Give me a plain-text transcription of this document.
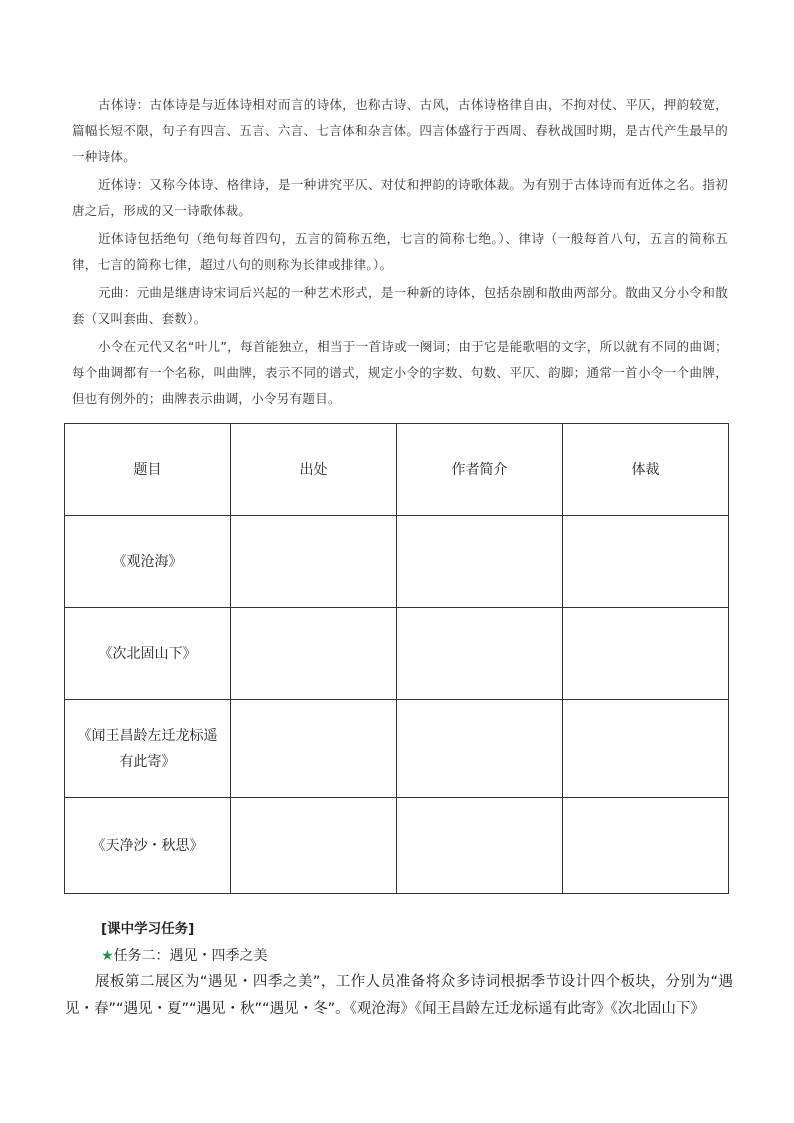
古体诗：古体诗是与近体诗相对而言的诗体，也称古诗、古风，古体诗格律自由，不拘对仗、平仄，押韵较宽，篇幅长短不限，句子有四言、五言、六言、七言体和杂言体。四言体盛行于西周、春秋战国时期，是古代产生最早的一种诗体。

近体诗：又称今体诗、格律诗，是一种讲究平仄、对仗和押韵的诗歌体裁。为有别于古体诗而有近体之名。指初唐之后，形成的又一诗歌体裁。

近体诗包括绝句（绝句每首四句，五言的简称五绝，七言的简称七绝。）、律诗（一般每首八句，五言的简称五律，七言的简称七律，超过八句的则称为长律或排律。）。

元曲：元曲是继唐诗宋词后兴起的一种艺术形式，是一种新的诗体，包括杂剧和散曲两部分。散曲又分小令和散套（又叫套曲、套数）。

小令在元代又名“叶儿”，每首能独立，相当于一首诗或一阕词；由于它是能歌唱的文字，所以就有不同的曲调；每个曲调都有一个名称，叫曲牌，表示不同的谱式，规定小令的字数、句数、平仄、韵脚；通常一首小令一个曲牌，但也有例外的；曲牌表示曲调，小令另有题目。

题目	出处	作者简介	体裁
《观沧海》			
《次北固山下》			
《闻王昌龄左迁龙标遥有此寄》			
《天净沙・秋思》			
[课中学习任务]
★任务二：遇见・四季之美

展板第二展区为“遇见・四季之美”，工作人员准备将众多诗词根据季节设计四个板块，分别为“遇见・春”“遇见・夏”“遇见・秋”“遇见・冬”。《观沧海》《闻王昌龄左迁龙标遥有此寄》《次北固山下》
